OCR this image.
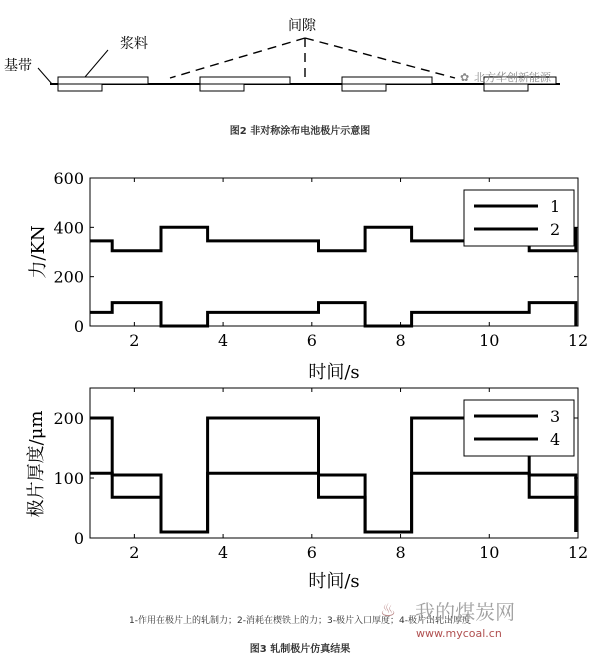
基带
浆料
间隙
✿ 北方华创新能源
图2 非对称涂布电池极片示意图
2	4	6	8	10	12
0
200
400
600
力/KN
时间/s
1
2
2	4	6	8	10	12
0
100
200
极片厚度/μm
时间/s
3
4
1-作用在极片上的轧制力；2-消耗在楔铁上的力；3-极片入口厚度；4-极片出轧出厚度
♨ 我的煤炭网
www.mycoal.cn
图3 轧制极片仿真结果
